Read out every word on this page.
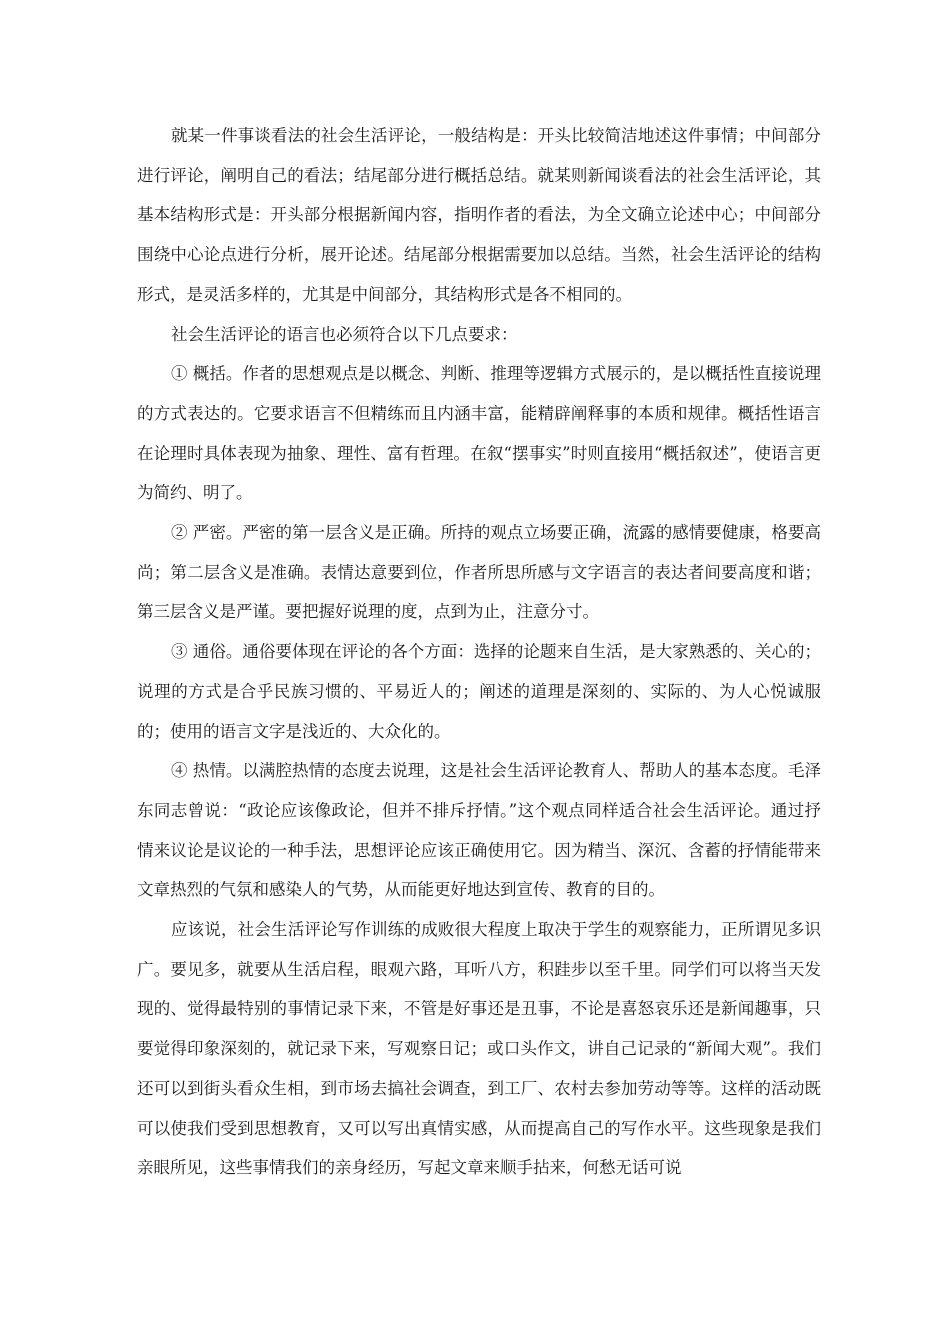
就某一件事谈看法的社会生活评论，一般结构是：开头比较简洁地述这件事情；中间部分进行评论，阐明自己的看法；结尾部分进行概括总结。就某则新闻谈看法的社会生活评论，其基本结构形式是：开头部分根据新闻内容，指明作者的看法，为全文确立论述中心；中间部分围绕中心论点进行分析，展开论述。结尾部分根据需要加以总结。当然，社会生活评论的结构形式，是灵活多样的，尤其是中间部分，其结构形式是各不相同的。

社会生活评论的语言也必须符合以下几点要求：

① 概括。作者的思想观点是以概念、判断、推理等逻辑方式展示的，是以概括性直接说理的方式表达的。它要求语言不但精练而且内涵丰富，能精辟阐释事的本质和规律。概括性语言在论理时具体表现为抽象、理性、富有哲理。在叙“摆事实”时则直接用“概括叙述”，使语言更为简约、明了。

② 严密。严密的第一层含义是正确。所持的观点立场要正确，流露的感情要健康，格要高尚；第二层含义是准确。表情达意要到位，作者所思所感与文字语言的表达者间要高度和谐；第三层含义是严谨。要把握好说理的度，点到为止，注意分寸。

③ 通俗。通俗要体现在评论的各个方面：选择的论题来自生活，是大家熟悉的、关心的；说理的方式是合乎民族习惯的、平易近人的；阐述的道理是深刻的、实际的、为人心悦诚服的；使用的语言文字是浅近的、大众化的。

④ 热情。以满腔热情的态度去说理，这是社会生活评论教育人、帮助人的基本态度。毛泽东同志曾说：“政论应该像政论，但并不排斥抒情。”这个观点同样适合社会生活评论。通过抒情来议论是议论的一种手法，思想评论应该正确使用它。因为精当、深沉、含蓄的抒情能带来文章热烈的气氛和感染人的气势，从而能更好地达到宣传、教育的目的。

应该说，社会生活评论写作训练的成败很大程度上取决于学生的观察能力，正所谓见多识广。要见多，就要从生活启程，眼观六路，耳听八方，积跬步以至千里。同学们可以将当天发现的、觉得最特别的事情记录下来，不管是好事还是丑事，不论是喜怒哀乐还是新闻趣事，只要觉得印象深刻的，就记录下来，写观察日记；或口头作文，讲自己记录的“新闻大观”。我们还可以到街头看众生相，到市场去搞社会调查，到工厂、农村去参加劳动等等。这样的活动既可以使我们受到思想教育，又可以写出真情实感，从而提高自己的写作水平。这些现象是我们亲眼所见，这些事情我们的亲身经历，写起文章来顺手拈来，何愁无话可说
